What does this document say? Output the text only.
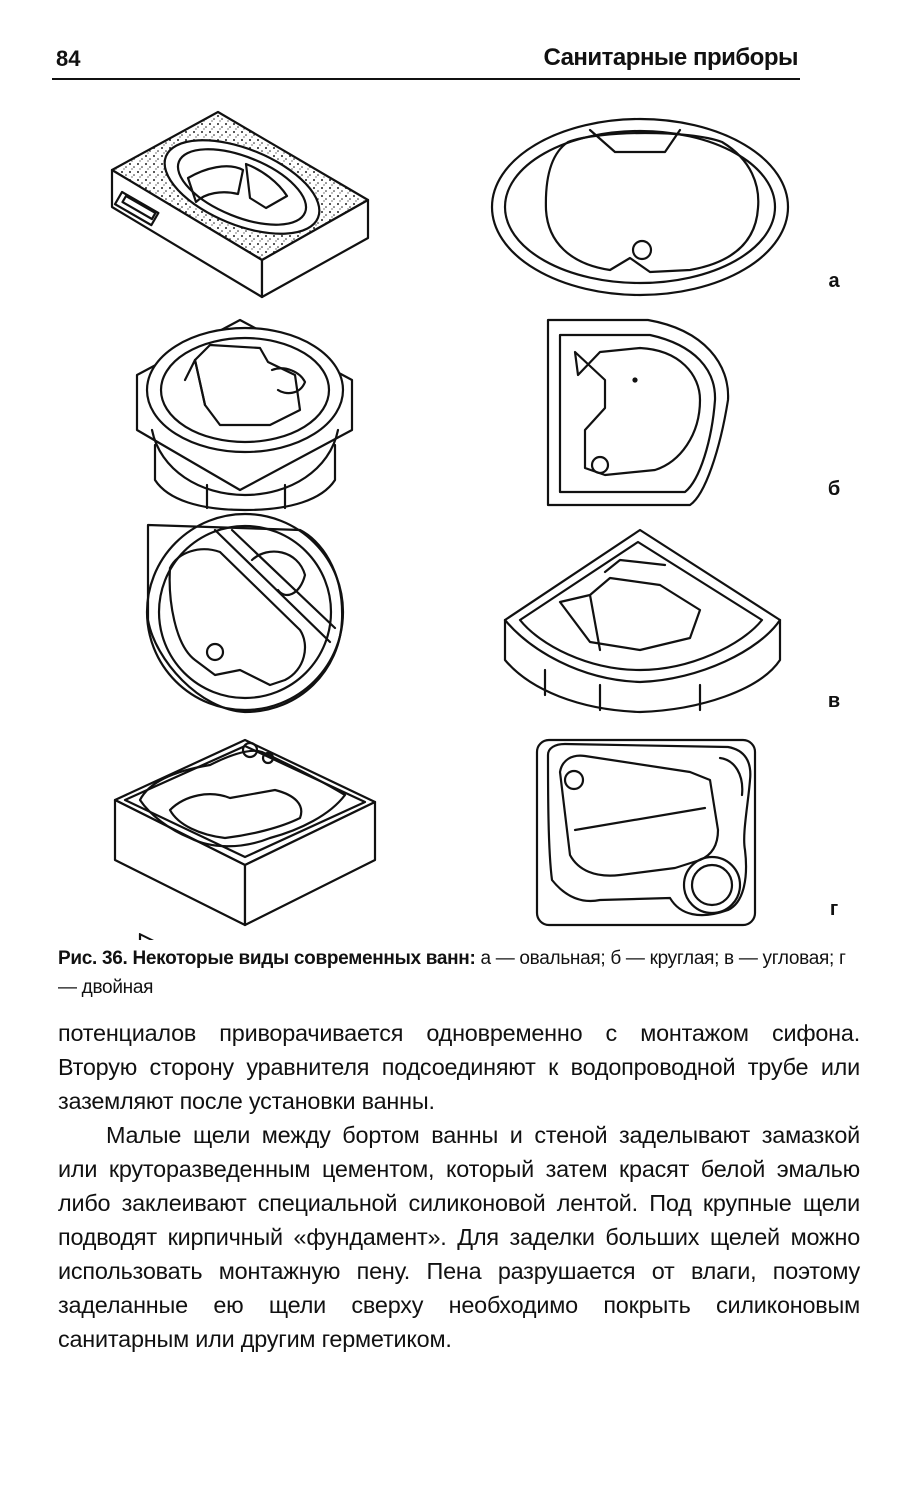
84	Санитарные приборы
а
б
в
г
Рис. 36. Некоторые виды современных ванн: а — овальная; б — круглая; в — угловая; г — двойная

потенциалов приворачивается одновременно с монтажом сифона. Вторую сторону уравнителя подсоединяют к водопроводной трубе или заземляют после установки ванны.

Малые щели между бортом ванны и стеной заделывают замазкой или круторазведенным цементом, который затем красят белой эмалью либо заклеивают специальной силиконовой лентой. Под крупные щели подводят кирпичный «фундамент». Для заделки больших щелей можно использовать монтажную пену. Пена разрушается от влаги, поэтому заделанные ею щели сверху необходимо покрыть силиконовым санитарным или другим герметиком.
